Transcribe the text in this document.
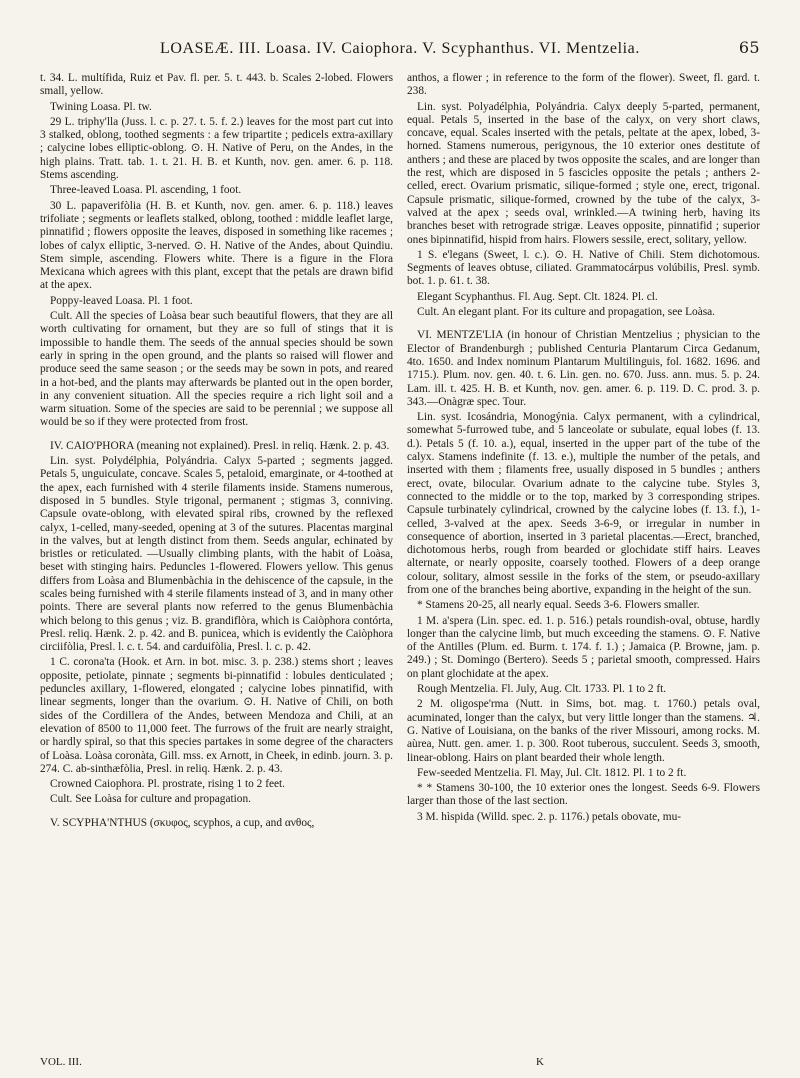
LOASEÆ. III. Loasa. IV. Caiophora. V. Scyphanthus. VI. Mentzelia.	65

t. 34. L. multífida, Ruiz et Pav. fl. per. 5. t. 443. b. Scales 2-lobed. Flowers small, yellow.

Twining Loasa. Pl. tw.

29 L. triphy'lla (Juss. l. c. p. 27. t. 5. f. 2.) leaves for the most part cut into 3 stalked, oblong, toothed segments : a few tripartite ; pedicels extra-axillary ; calycine lobes elliptic-oblong. ⊙. H. Native of Peru, on the Andes, in the high plains. Tratt. tab. 1. t. 21. H. B. et Kunth, nov. gen. amer. 6. p. 118. Stems ascending.

Three-leaved Loasa. Pl. ascending, 1 foot.

30 L. papaverifòlia (H. B. et Kunth, nov. gen. amer. 6. p. 118.) leaves trifoliate ; segments or leaflets stalked, oblong, toothed : middle leaflet large, pinnatifid ; flowers opposite the leaves, disposed in something like racemes ; lobes of calyx elliptic, 3-nerved. ⊙. H. Native of the Andes, about Quindiu. Stem simple, ascending. Flowers white. There is a figure in the Flora Mexicana which agrees with this plant, except that the petals are drawn bifid at the apex.

Poppy-leaved Loasa. Pl. 1 foot.

Cult. All the species of Loàsa bear such beautiful flowers, that they are all worth cultivating for ornament, but they are so full of stings that it is impossible to handle them. The seeds of the annual species should be sown early in spring in the open ground, and the plants so raised will flower and produce seed the same season ; or the seeds may be sown in pots, and reared in a hot-bed, and the plants may afterwards be planted out in the open border, in any convenient situation. All the species require a rich light soil and a warm situation. Some of the species are said to be perennial ; we suppose all would be so if they were protected from frost.

IV. CAIO'PHORA (meaning not explained). Presl. in reliq. Hænk. 2. p. 43.

Lin. syst. Polydélphia, Polyándria. Calyx 5-parted ; segments jagged. Petals 5, unguiculate, concave. Scales 5, petaloid, emarginate, or 4-toothed at the apex, each furnished with 4 sterile filaments inside. Stamens numerous, disposed in 5 bundles. Style trigonal, permanent ; stigmas 3, conniving. Capsule ovate-oblong, with elevated spiral ribs, crowned by the reflexed calyx, 1-celled, many-seeded, opening at 3 of the sutures. Placentas marginal in the valves, but at length distinct from them. Seeds angular, echinated by bristles or reticulated. —Usually climbing plants, with the habit of Loàsa, beset with stinging hairs. Peduncles 1-flowered. Flowers yellow. This genus differs from Loàsa and Blumenbàchia in the dehiscence of the capsule, in the scales being furnished with 4 sterile filaments instead of 3, and in many other points. There are several plants now referred to the genus Blumenbàchia which belong to this genus ; viz. B. grandiflòra, which is Caiòphora contórta, Presl. reliq. Hænk. 2. p. 42. and B. punìcea, which is evidently the Caiòphora circiifòlia, Presl. l. c. t. 54. and carduifòlia, Presl. l. c. p. 42.

1 C. corona'ta (Hook. et Arn. in bot. misc. 3. p. 238.) stems short ; leaves opposite, petiolate, pinnate ; segments bi-pinnatifid : lobules denticulated ; peduncles axillary, 1-flowered, elongated ; calycine lobes pinnatifid, with linear segments, longer than the ovarium. ⊙. H. Native of Chili, on both sides of the Cordillera of the Andes, between Mendoza and Chili, at an elevation of 8500 to 11,000 feet. The furrows of the fruit are nearly straight, or hardly spiral, so that this species partakes in some degree of the characters of Loàsa. Loàsa coronàta, Gill. mss. ex Arnott, in Cheek, in edinb. journ. 3. p. 274. C. ab-sinthæfòlia, Presl. in reliq. Hænk. 2. p. 43.

Crowned Caiophora. Pl. prostrate, rising 1 to 2 feet.

Cult. See Loàsa for culture and propagation.

V. SCYPHA'NTHUS (σκυφος, scyphos, a cup, and ανθος,

anthos, a flower ; in reference to the form of the flower). Sweet, fl. gard. t. 238.

Lin. syst. Polyadélphia, Polyándria. Calyx deeply 5-parted, permanent, equal. Petals 5, inserted in the base of the calyx, on very short claws, concave, equal. Scales inserted with the petals, peltate at the apex, lobed, 3-horned. Stamens numerous, perigynous, the 10 exterior ones destitute of anthers ; and these are placed by twos opposite the scales, and are longer than the rest, which are disposed in 5 fascicles opposite the petals ; anthers 2-celled, erect. Ovarium prismatic, silique-formed ; style one, erect, trigonal. Capsule prismatic, silique-formed, crowned by the tube of the calyx, 3-valved at the apex ; seeds oval, wrinkled.—A twining herb, having its branches beset with retrograde strigæ. Leaves opposite, pinnatifid ; superior ones bipinnatifid, hispid from hairs. Flowers sessile, erect, solitary, yellow.

1 S. e'legans (Sweet, l. c.). ⊙. H. Native of Chili. Stem dichotomous. Segments of leaves obtuse, ciliated. Grammatocárpus volúbilis, Presl. symb. bot. 1. p. 61. t. 38.

Elegant Scyphanthus. Fl. Aug. Sept. Clt. 1824. Pl. cl.

Cult. An elegant plant. For its culture and propagation, see Loàsa.

VI. MENTZE'LIA (in honour of Christian Mentzelius ; physician to the Elector of Brandenburgh ; published Centuria Plantarum Circa Gedanum, 4to. 1650. and Index nominum Plantarum Multilinguis, fol. 1682. 1696. and 1715.). Plum. nov. gen. 40. t. 6. Lin. gen. no. 670. Juss. ann. mus. 5. p. 24. Lam. ill. t. 425. H. B. et Kunth, nov. gen. amer. 6. p. 119. D. C. prod. 3. p. 343.—Onàgræ spec. Tour.

Lin. syst. Icosándria, Monogýnia. Calyx permanent, with a cylindrical, somewhat 5-furrowed tube, and 5 lanceolate or subulate, equal lobes (f. 13. d.). Petals 5 (f. 10. a.), equal, inserted in the upper part of the tube of the calyx. Stamens indefinite (f. 13. e.), multiple the number of the petals, and inserted with them ; filaments free, usually disposed in 5 bundles ; anthers erect, ovate, bilocular. Ovarium adnate to the calycine tube. Styles 3, connected to the middle or to the top, marked by 3 corresponding stripes. Capsule turbinately cylindrical, crowned by the calycine lobes (f. 13. f.), 1-celled, 3-valved at the apex. Seeds 3-6-9, or irregular in number in consequence of abortion, inserted in 3 parietal placentas.—Erect, branched, dichotomous herbs, rough from bearded or glochidate stiff hairs. Leaves alternate, or nearly opposite, coarsely toothed. Flowers of a deep orange colour, solitary, almost sessile in the forks of the stem, or pseudo-axillary from one of the branches being abortive, expanding in the height of the sun.

* Stamens 20-25, all nearly equal. Seeds 3-6. Flowers smaller.

1 M. a'spera (Lin. spec. ed. 1. p. 516.) petals roundish-oval, obtuse, hardly longer than the calycine limb, but much exceeding the stamens. ⊙. F. Native of the Antilles (Plum. ed. Burm. t. 174. f. 1.) ; Jamaica (P. Browne, jam. p. 249.) ; St. Domingo (Bertero). Seeds 5 ; parietal smooth, compressed. Hairs on plant glochidate at the apex.

Rough Mentzelia. Fl. July, Aug. Clt. 1733. Pl. 1 to 2 ft.

2 M. oligospe'rma (Nutt. in Sims, bot. mag. t. 1760.) petals oval, acuminated, longer than the calyx, but very little longer than the stamens. ♃. G. Native of Louisiana, on the banks of the river Missouri, among rocks. M. aùrea, Nutt. gen. amer. 1. p. 300. Root tuberous, succulent. Seeds 3, smooth, linear-oblong. Hairs on plant bearded their whole length.

Few-seeded Mentzelia. Fl. May, Jul. Clt. 1812. Pl. 1 to 2 ft.

* * Stamens 30-100, the 10 exterior ones the longest. Seeds 6-9. Flowers larger than those of the last section.

3 M. hìspida (Willd. spec. 2. p. 1176.) petals obovate, mu-

VOL. III.	K
